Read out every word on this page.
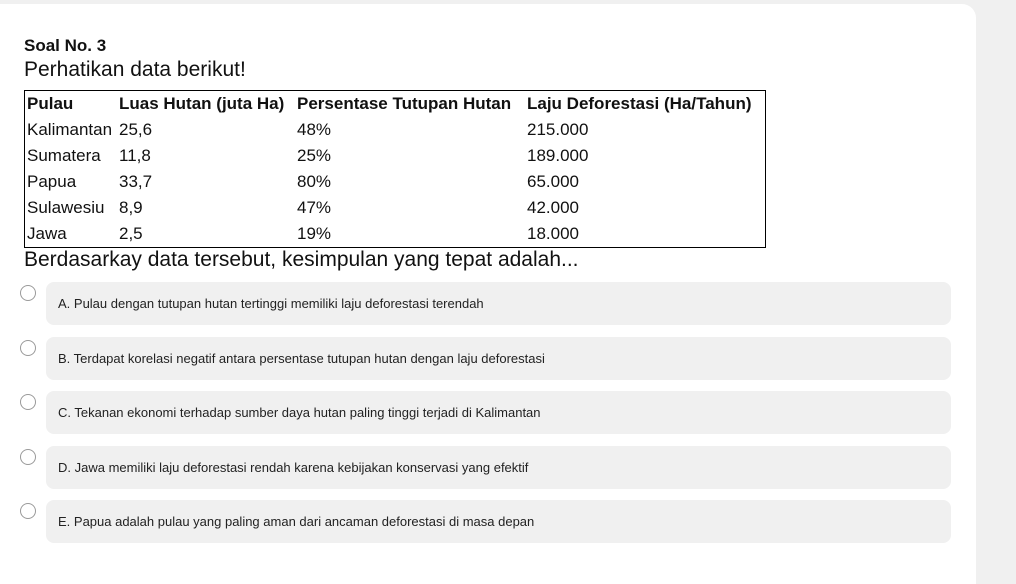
Soal No. 3

Perhatikan data berikut!

Pulau	Luas Hutan (juta Ha)	Persentase Tutupan Hutan	Laju Deforestasi (Ha/Tahun)
Kalimantan	25,6	48%	215.000
Sumatera	11,8	25%	189.000
Papua	33,7	80%	65.000
Sulawesiu	8,9	47%	42.000
Jawa	2,5	19%	18.000

Berdasarkay data tersebut, kesimpulan yang tepat adalah...

A. Pulau dengan tutupan hutan tertinggi memiliki laju deforestasi terendah
B. Terdapat korelasi negatif antara persentase tutupan hutan dengan laju deforestasi
C. Tekanan ekonomi terhadap sumber daya hutan paling tinggi terjadi di Kalimantan
D. Jawa memiliki laju deforestasi rendah karena kebijakan konservasi yang efektif
E. Papua adalah pulau yang paling aman dari ancaman deforestasi di masa depan
